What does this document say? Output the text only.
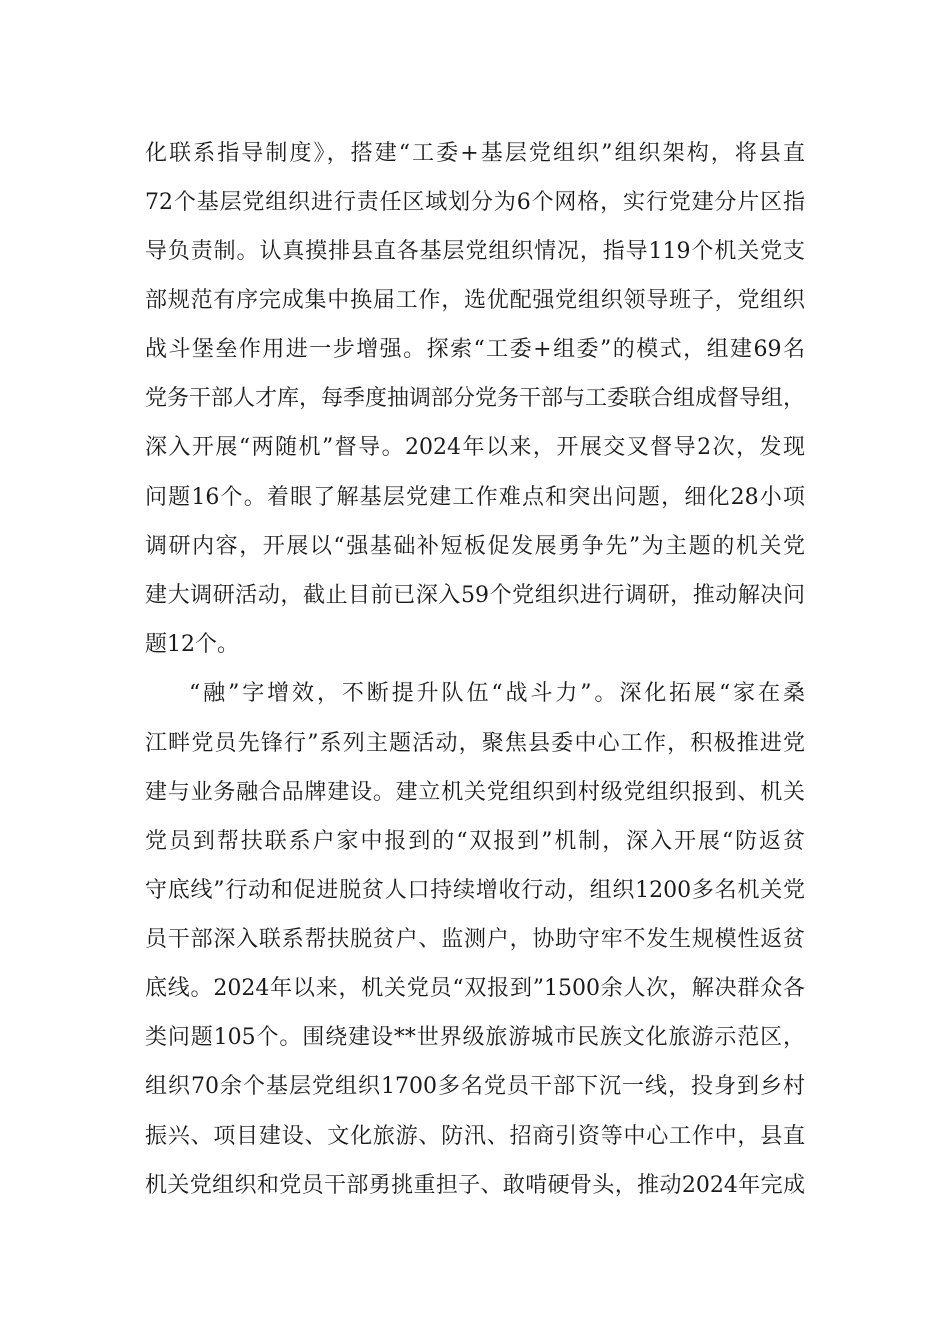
化联系指导制度》，搭建“工委+基层党组织”组织架构，将县直
72个基层党组织进行责任区域划分为6个网格，实行党建分片区指
导负责制。认真摸排县直各基层党组织情况，指导119个机关党支
部规范有序完成集中换届工作，选优配强党组织领导班子，党组织
战斗堡垒作用进一步增强。探索“工委+组委”的模式，组建69名
党务干部人才库，每季度抽调部分党务干部与工委联合组成督导组，
深入开展“两随机”督导。2024年以来，开展交叉督导2次，发现
问题16个。着眼了解基层党建工作难点和突出问题，细化28小项
调研内容，开展以“强基础补短板促发展勇争先”为主题的机关党
建大调研活动，截止目前已深入59个党组织进行调研，推动解决问
题12个。
“融”字增效，不断提升队伍“战斗力”。深化拓展“家在桑
江畔党员先锋行”系列主题活动，聚焦县委中心工作，积极推进党
建与业务融合品牌建设。建立机关党组织到村级党组织报到、机关
党员到帮扶联系户家中报到的“双报到”机制，深入开展“防返贫
守底线”行动和促进脱贫人口持续增收行动，组织1200多名机关党
员干部深入联系帮扶脱贫户、监测户，协助守牢不发生规模性返贫
底线。2024年以来，机关党员“双报到”1500余人次，解决群众各
类问题105个。围绕建设**世界级旅游城市民族文化旅游示范区，
组织70余个基层党组织1700多名党员干部下沉一线，投身到乡村
振兴、项目建设、文化旅游、防汛、招商引资等中心工作中，县直
机关党组织和党员干部勇挑重担子、敢啃硬骨头，推动2024年完成
